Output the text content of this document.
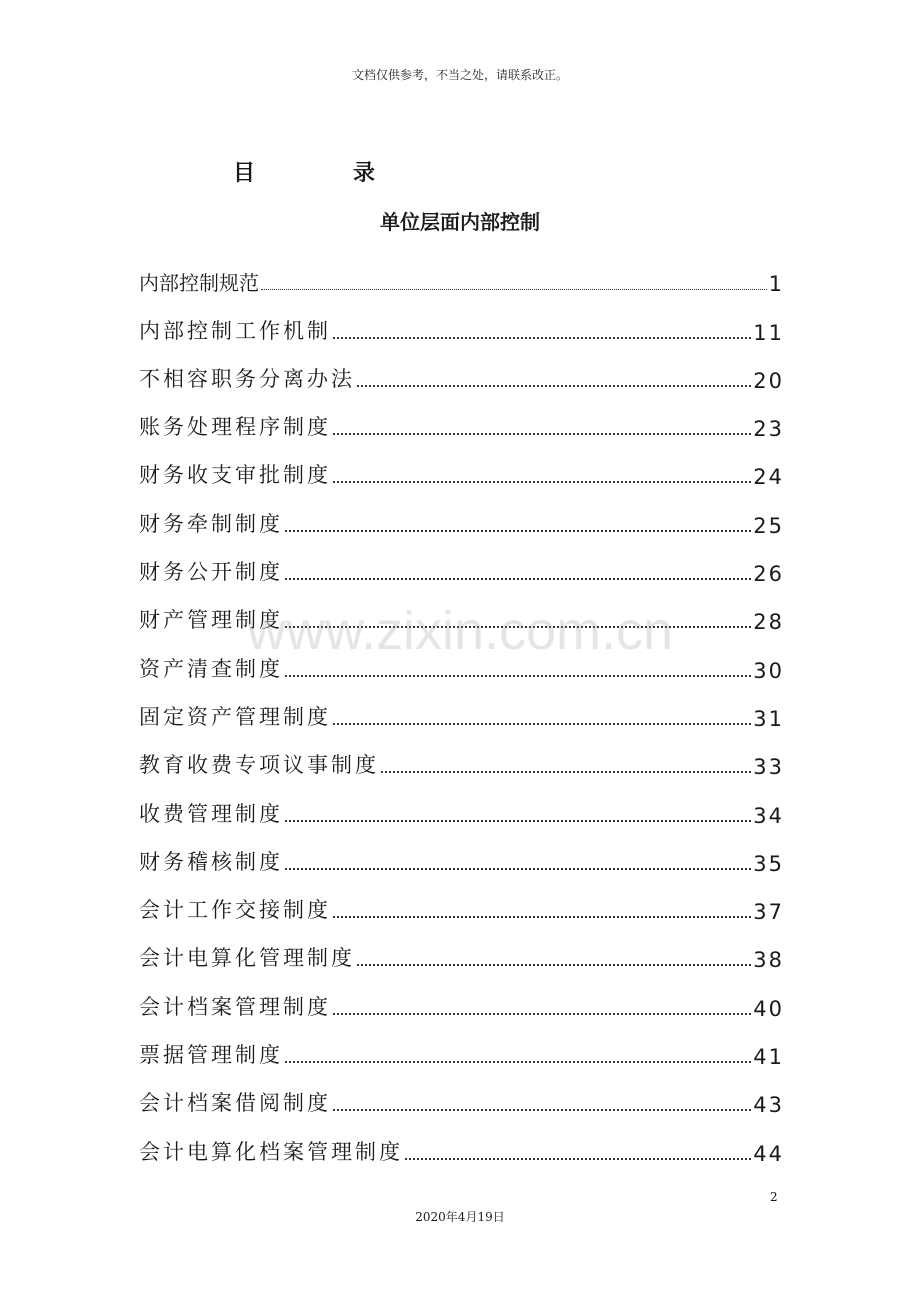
文档仅供参考，不当之处，请联系改正。
目	录
单位层面内部控制
内部控制规范	1
内部控制工作机制	11
不相容职务分离办法	20
账务处理程序制度	23
财务收支审批制度	24
财务牵制制度	25
财务公开制度	26
财产管理制度	28
资产清查制度	30
固定资产管理制度	31
教育收费专项议事制度	33
收费管理制度	34
财务稽核制度	35
会计工作交接制度	37
会计电算化管理制度	38
会计档案管理制度	40
票据管理制度	41
会计档案借阅制度	43
会计电算化档案管理制度	44
www.zixin.com.cn
2
2020年4月19日
